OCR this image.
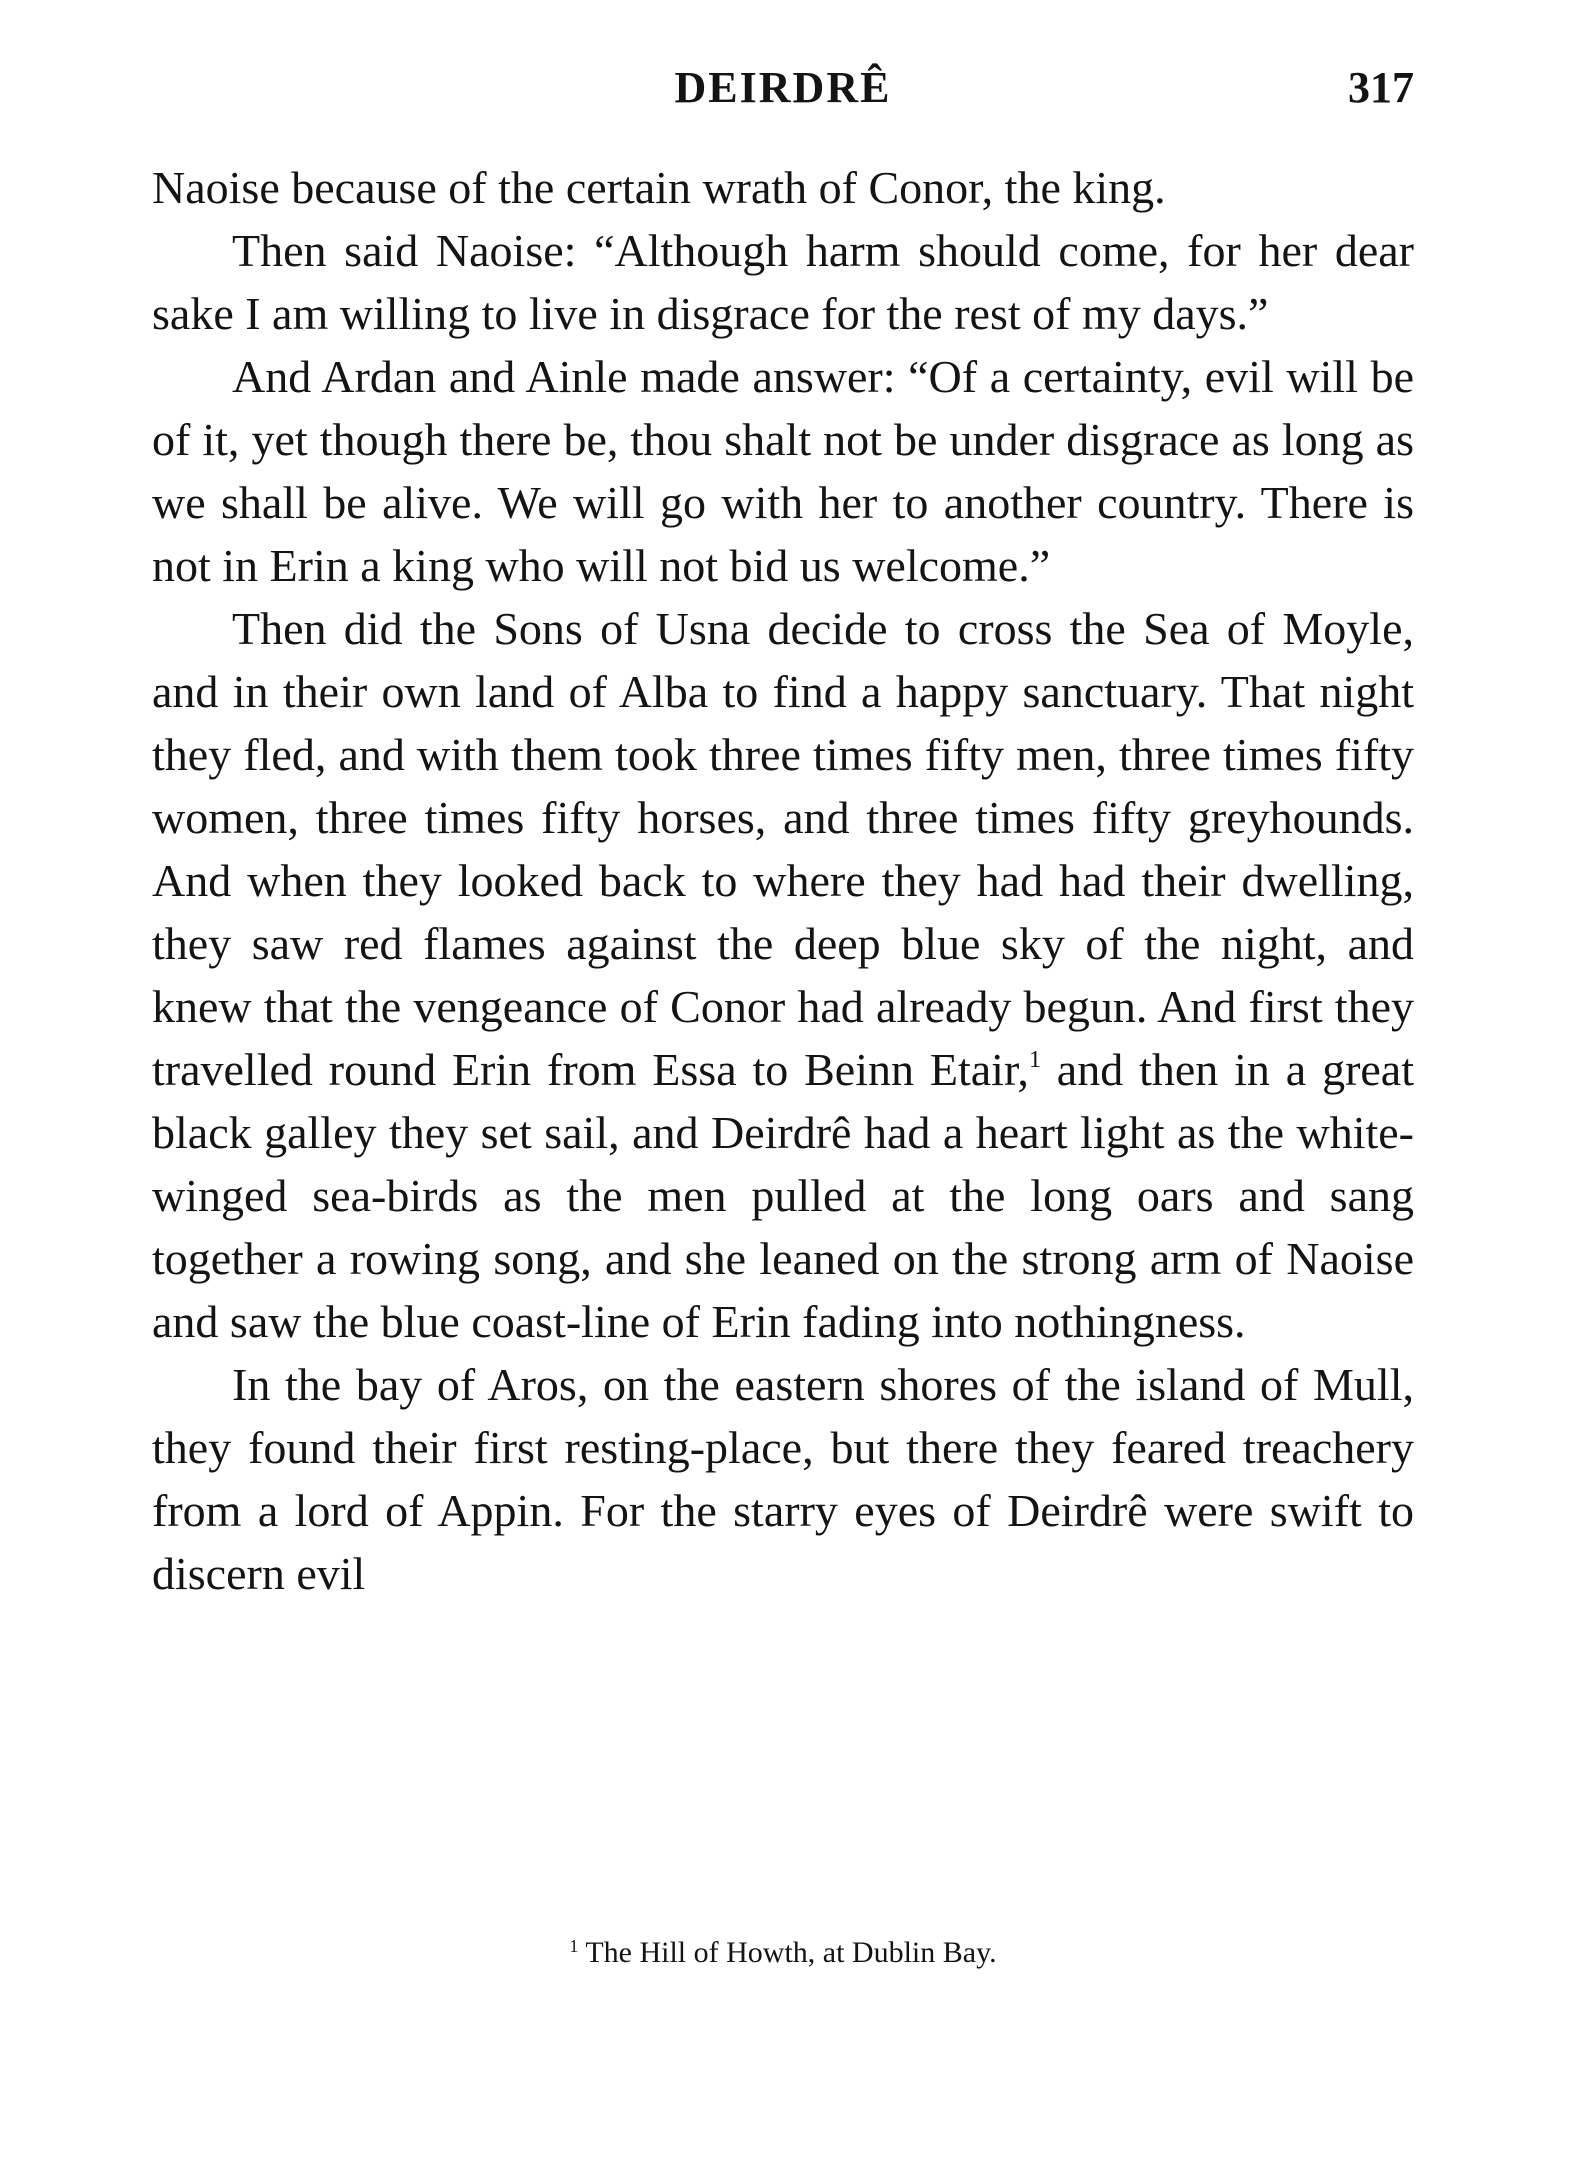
DEIRDRÊ	317

Naoise because of the certain wrath of Conor, the king.

Then said Naoise: “Although harm should come, for her dear sake I am willing to live in disgrace for the rest of my days.”

And Ardan and Ainle made answer: “Of a certainty, evil will be of it, yet though there be, thou shalt not be under disgrace as long as we shall be alive. We will go with her to another country. There is not in Erin a king who will not bid us welcome.”

Then did the Sons of Usna decide to cross the Sea of Moyle, and in their own land of Alba to find a happy sanctuary. That night they fled, and with them took three times fifty men, three times fifty women, three times fifty horses, and three times fifty greyhounds. And when they looked back to where they had had their dwelling, they saw red flames against the deep blue sky of the night, and knew that the vengeance of Conor had already begun. And first they travelled round Erin from Essa to Beinn Etair,$^1$ and then in a great black galley they set sail, and Deirdrê had a heart light as the white-winged sea-birds as the men pulled at the long oars and sang together a rowing song, and she leaned on the strong arm of Naoise and saw the blue coast-line of Erin fading into nothingness.

In the bay of Aros, on the eastern shores of the island of Mull, they found their first resting-place, but there they feared treachery from a lord of Appin. For the starry eyes of Deirdrê were swift to discern evil

$^1$ The Hill of Howth, at Dublin Bay.
